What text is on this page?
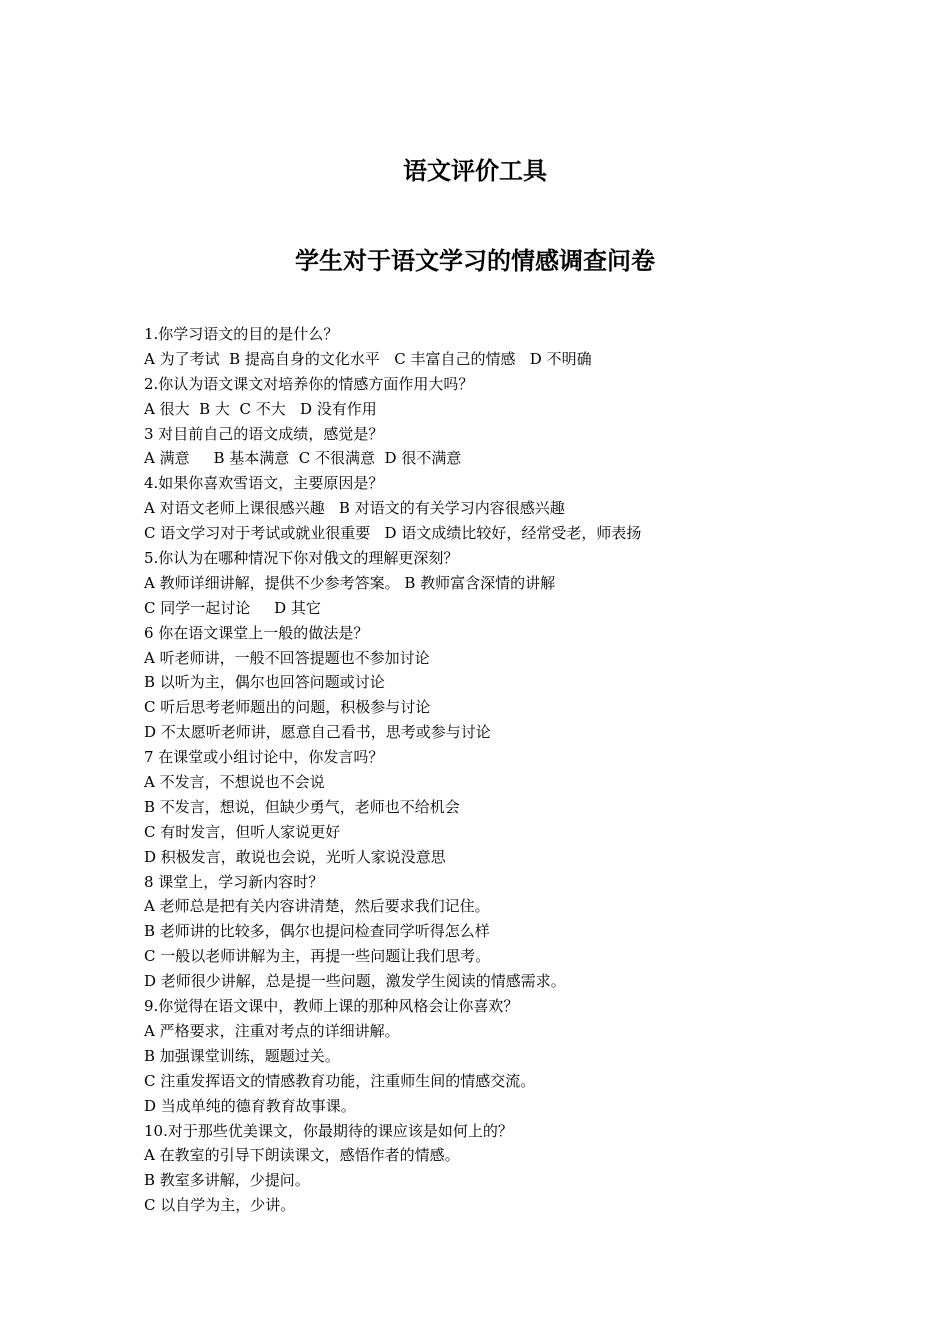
语文评价工具
学生对于语文学习的情感调查问卷
1.你学习语文的目的是什么？
A 为了考试  B 提高自身的文化水平   C 丰富自己的情感   D 不明确
2.你认为语文课文对培养你的情感方面作用大吗？
A 很大  B 大  C 不大   D 没有作用
3 对目前自己的语文成绩，感觉是？
A 满意     B 基本满意  C 不很满意  D 很不满意
4.如果你喜欢雪语文，主要原因是？
A 对语文老师上课很感兴趣   B 对语文的有关学习内容很感兴趣
C 语文学习对于考试或就业很重要   D 语文成绩比较好，经常受老，师表扬
5.你认为在哪种情况下你对俄文的理解更深刻？
A 教师详细讲解，提供不少参考答案。 B 教师富含深情的讲解
C 同学一起讨论     D 其它
6 你在语文课堂上一般的做法是？
A 听老师讲，一般不回答提题也不参加讨论
B 以听为主，偶尔也回答问题或讨论
C 听后思考老师题出的问题，积极参与讨论
D 不太愿听老师讲，愿意自己看书，思考或参与讨论
7 在课堂或小组讨论中，你发言吗？
A 不发言，不想说也不会说
B 不发言，想说，但缺少勇气，老师也不给机会
C 有时发言，但听人家说更好
D 积极发言，敢说也会说，光听人家说没意思
8 课堂上，学习新内容时？
A 老师总是把有关内容讲清楚，然后要求我们记住。
B 老师讲的比较多，偶尔也提问检查同学听得怎么样
C 一般以老师讲解为主，再提一些问题让我们思考。
D 老师很少讲解，总是提一些问题，激发学生阅读的情感需求。
9.你觉得在语文课中，教师上课的那种风格会让你喜欢？
A 严格要求，注重对考点的详细讲解。
B 加强课堂训练，题题过关。
C 注重发挥语文的情感教育功能，注重师生间的情感交流。
D 当成单纯的德育教育故事课。
10.对于那些优美课文，你最期待的课应该是如何上的？
A 在教室的引导下朗读课文，感悟作者的情感。
B 教室多讲解，少提问。
C 以自学为主，少讲。
